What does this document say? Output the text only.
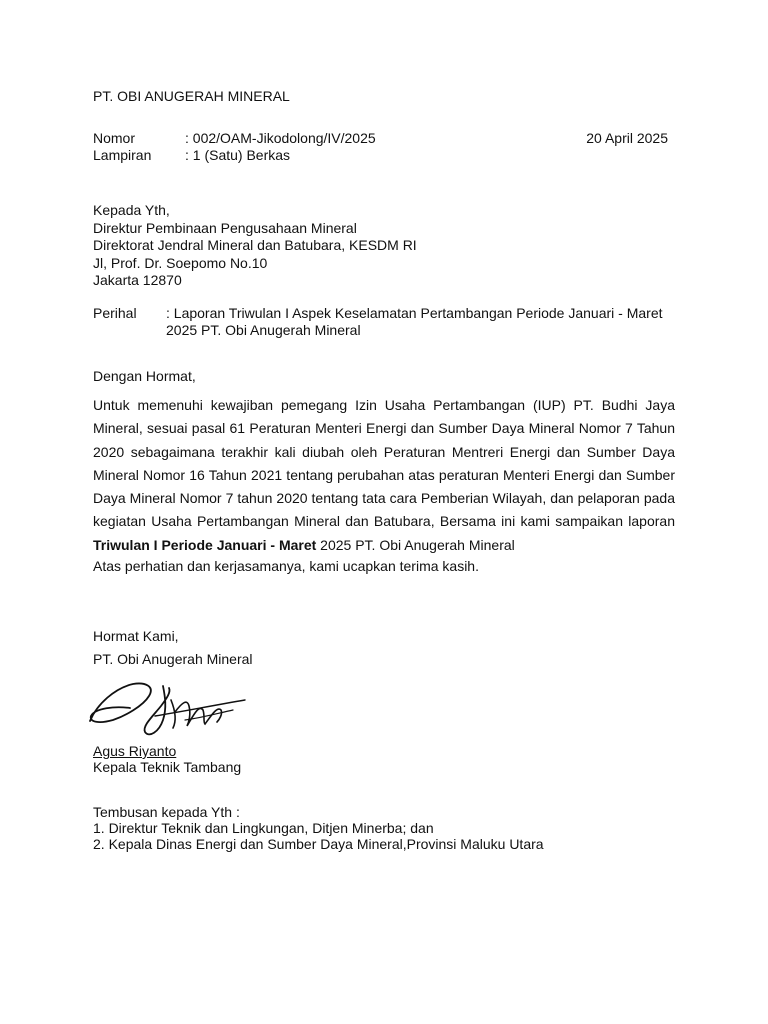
PT. OBI ANUGERAH MINERAL
Nomor	: 002/OAM-Jikodolong/IV/2025	20 April 2025
Lampiran	: 1 (Satu) Berkas
Kepada Yth,
Direktur Pembinaan Pengusahaan Mineral
Direktorat Jendral Mineral dan Batubara, KESDM RI
Jl, Prof. Dr. Soepomo No.10
Jakarta 12870
Perihal : Laporan Triwulan I Aspek Keselamatan Pertambangan Periode Januari - Maret
2025 PT. Obi Anugerah Mineral
Dengan Hormat,
Untuk memenuhi kewajiban pemegang Izin Usaha Pertambangan (IUP) PT. Budhi Jaya Mineral, sesuai pasal 61 Peraturan Menteri Energi dan Sumber Daya Mineral Nomor 7 Tahun 2020 sebagaimana terakhir kali diubah oleh Peraturan Mentreri Energi dan Sumber Daya Mineral Nomor 16 Tahun 2021 tentang perubahan atas peraturan Menteri Energi dan Sumber Daya Mineral Nomor 7 tahun 2020 tentang tata cara Pemberian Wilayah, dan pelaporan pada kegiatan Usaha Pertambangan Mineral dan Batubara, Bersama ini kami sampaikan laporan Triwulan I Periode Januari - Maret 2025 PT. Obi Anugerah Mineral
Atas perhatian dan kerjasamanya, kami ucapkan terima kasih.
Hormat Kami,
PT. Obi Anugerah Mineral
Agus Riyanto
Kepala Teknik Tambang
Tembusan kepada Yth :
1. Direktur Teknik dan Lingkungan, Ditjen Minerba; dan
2. Kepala Dinas Energi dan Sumber Daya Mineral,Provinsi Maluku Utara
